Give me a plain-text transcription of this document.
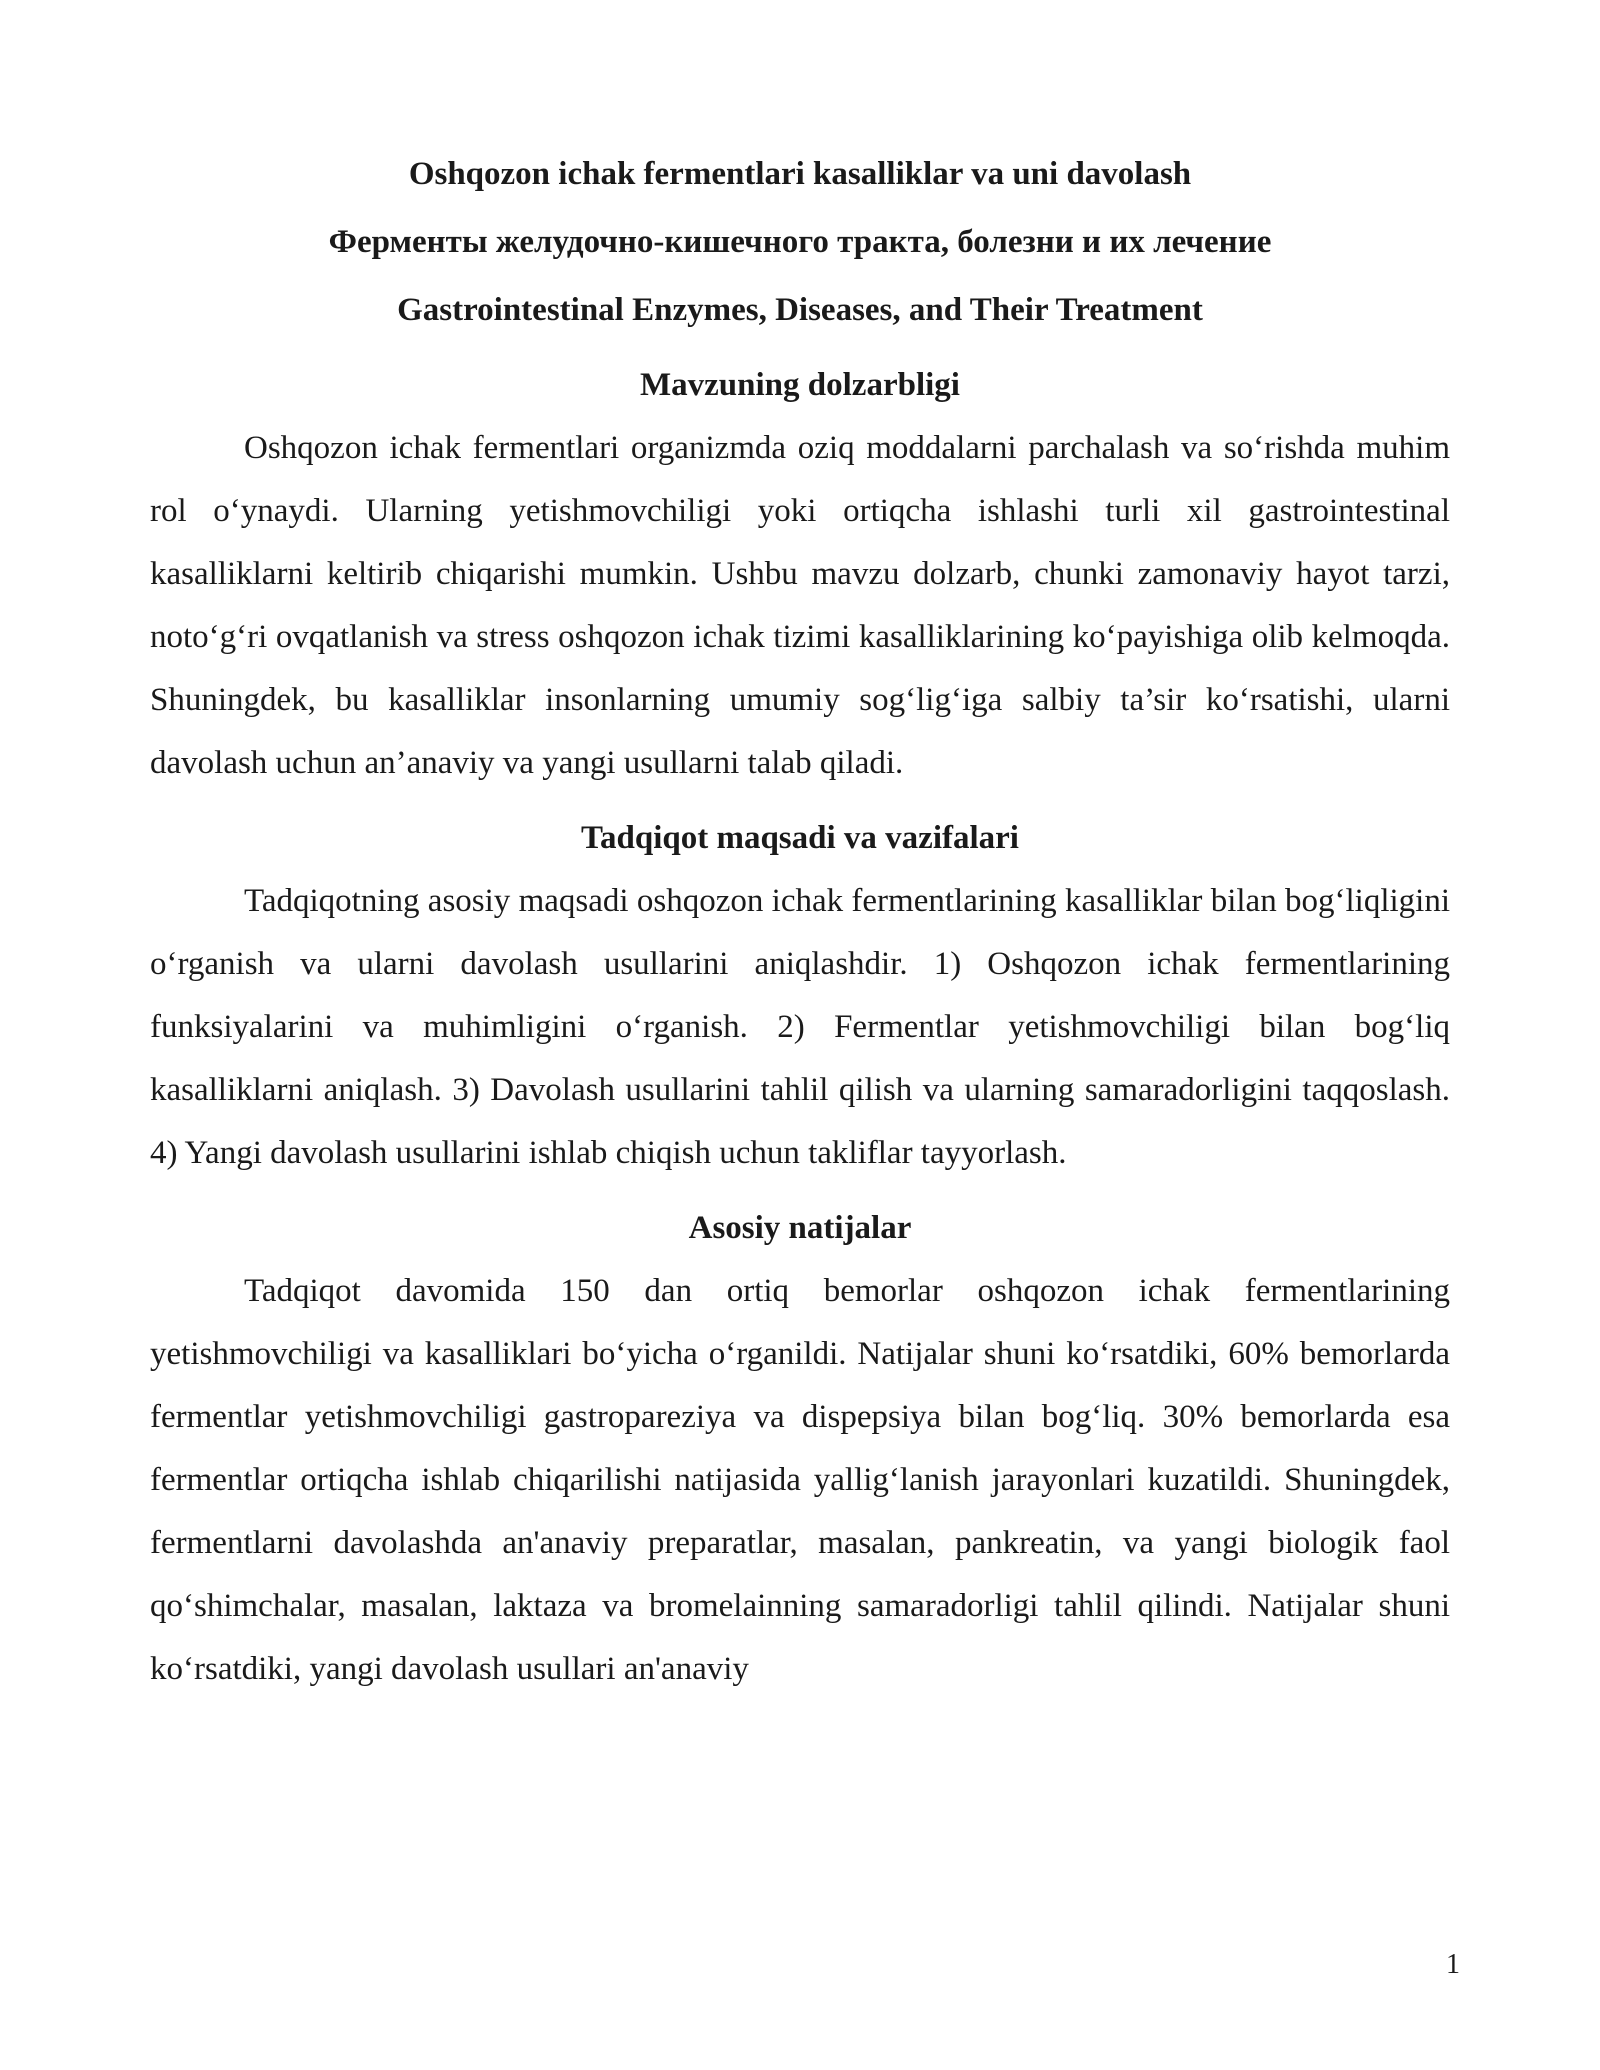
Oshqozon ichak fermentlari kasalliklar va uni davolash

Ферменты желудочно-кишечного тракта, болезни и их лечение

Gastrointestinal Enzymes, Diseases, and Their Treatment

Mavzuning dolzarbligi

Oshqozon ichak fermentlari organizmda oziq moddalarni parchalash va so‘rishda muhim rol o‘ynaydi. Ularning yetishmovchiligi yoki ortiqcha ishlashi turli xil gastrointestinal kasalliklarni keltirib chiqarishi mumkin. Ushbu mavzu dolzarb, chunki zamonaviy hayot tarzi, noto‘g‘ri ovqatlanish va stress oshqozon ichak tizimi kasalliklarining ko‘payishiga olib kelmoqda. Shuningdek, bu kasalliklar insonlarning umumiy sog‘lig‘iga salbiy ta’sir ko‘rsatishi, ularni davolash uchun an’anaviy va yangi usullarni talab qiladi.

Tadqiqot maqsadi va vazifalari

Tadqiqotning asosiy maqsadi oshqozon ichak fermentlarining kasalliklar bilan bog‘liqligini o‘rganish va ularni davolash usullarini aniqlashdir. 1) Oshqozon ichak fermentlarining funksiyalarini va muhimligini o‘rganish. 2) Fermentlar yetishmovchiligi bilan bog‘liq kasalliklarni aniqlash. 3) Davolash usullarini tahlil qilish va ularning samaradorligini taqqoslash. 4) Yangi davolash usullarini ishlab chiqish uchun takliflar tayyorlash.

Asosiy natijalar

Tadqiqot davomida 150 dan ortiq bemorlar oshqozon ichak fermentlarining yetishmovchiligi va kasalliklari bo‘yicha o‘rganildi. Natijalar shuni ko‘rsatdiki, 60% bemorlarda fermentlar yetishmovchiligi gastropareziya va dispepsiya bilan bog‘liq. 30% bemorlarda esa fermentlar ortiqcha ishlab chiqarilishi natijasida yallig‘lanish jarayonlari kuzatildi. Shuningdek, fermentlarni davolashda an'anaviy preparatlar, masalan, pankreatin, va yangi biologik faol qo‘shimchalar, masalan, laktaza va bromelainning samaradorligi tahlil qilindi. Natijalar shuni ko‘rsatdiki, yangi davolash usullari an'anaviy

1
